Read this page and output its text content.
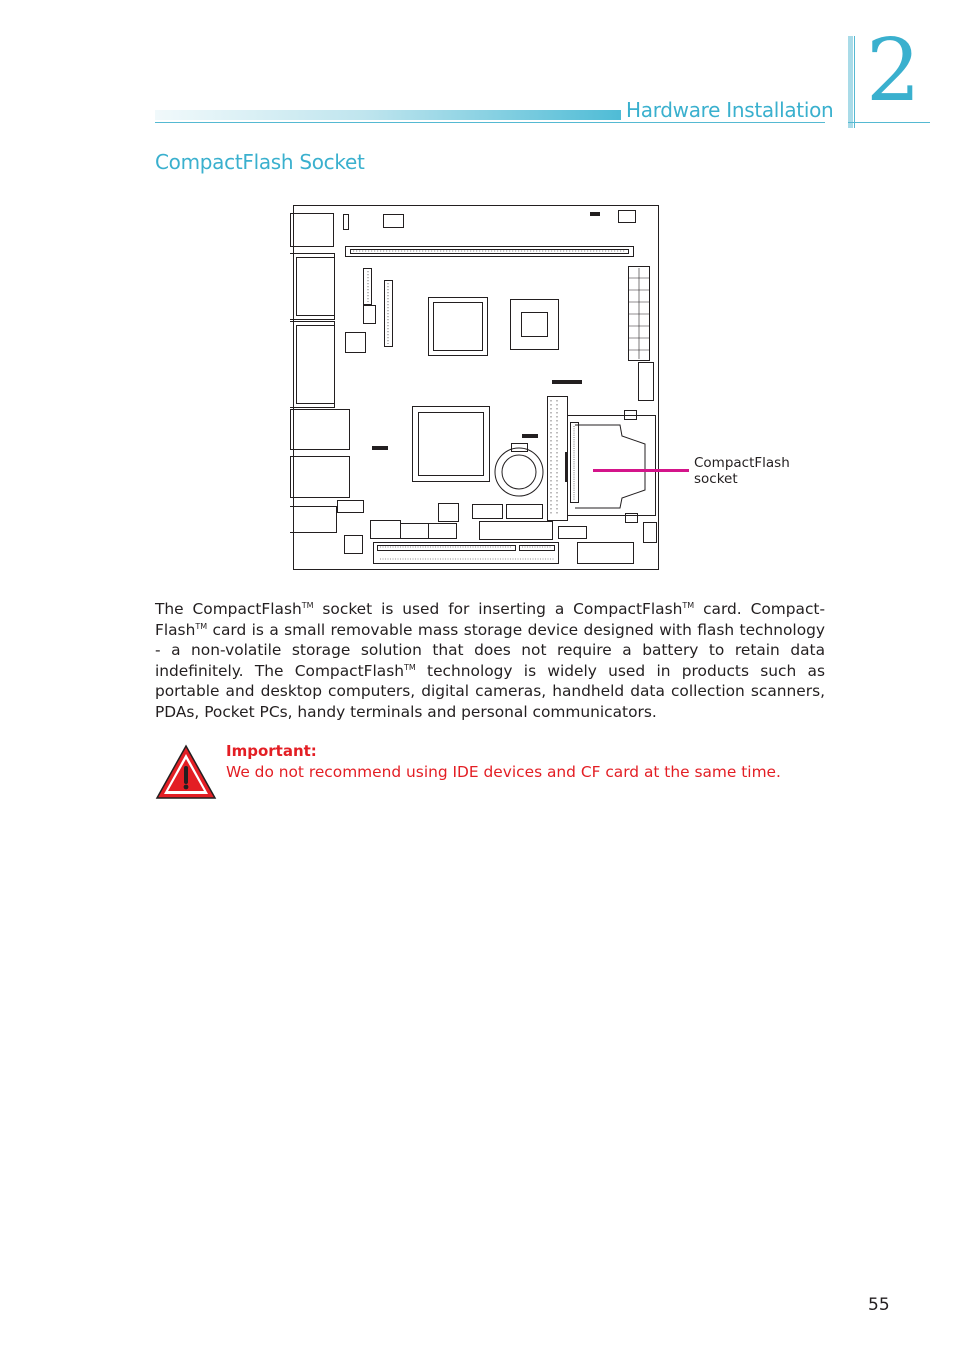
Hardware Installation 2
CompactFlash Socket
CompactFlash
socket

The CompactFlash™ socket is used for inserting a CompactFlash™ card. Compact-Flash™ card is a small removable mass storage device designed with flash technology - a non-volatile storage solution that does not require a battery to retain data indefinitely. The CompactFlash™ technology is widely used in products such as portable and desktop computers, digital cameras, handheld data collection scanners, PDAs, Pocket PCs, handy terminals and personal communicators.

Important:
We do not recommend using IDE devices and CF card at the same time.
55
